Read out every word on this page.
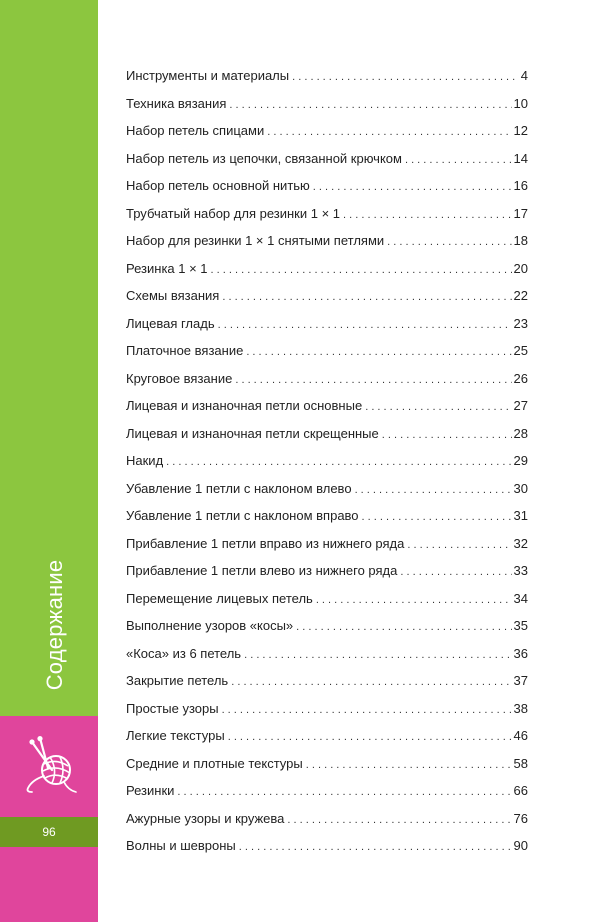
Содержание
96
Инструменты и материалы . . .	4
Техника вязания . . .	10
Набор петель спицами . . .	12
Набор петель из цепочки, связанной крючком . . .	14
Набор петель основной нитью . . .	16
Трубчатый набор для резинки 1 × 1 . . .	17
Набор для резинки 1 × 1 снятыми петлями . . .	18
Резинка 1 × 1 . . .	20
Схемы вязания . . .	22
Лицевая гладь . . .	23
Платочное вязание . . .	25
Круговое вязание . . .	26
Лицевая и изнаночная петли основные . . .	27
Лицевая и изнаночная петли скрещенные . . .	28
Накид . . .	29
Убавление 1 петли с наклоном влево . . .	30
Убавление 1 петли с наклоном вправо . . .	31
Прибавление 1 петли вправо из нижнего ряда . . .	32
Прибавление 1 петли влево из нижнего ряда . . .	33
Перемещение лицевых петель . . .	34
Выполнение узоров «косы» . . .	35
«Коса» из 6 петель . . .	36
Закрытие петель . . .	37
Простые узоры . . .	38
Легкие текстуры . . .	46
Средние и плотные текстуры . . .	58
Резинки . . .	66
Ажурные узоры и кружева . . .	76
Волны и шевроны . . .	90
